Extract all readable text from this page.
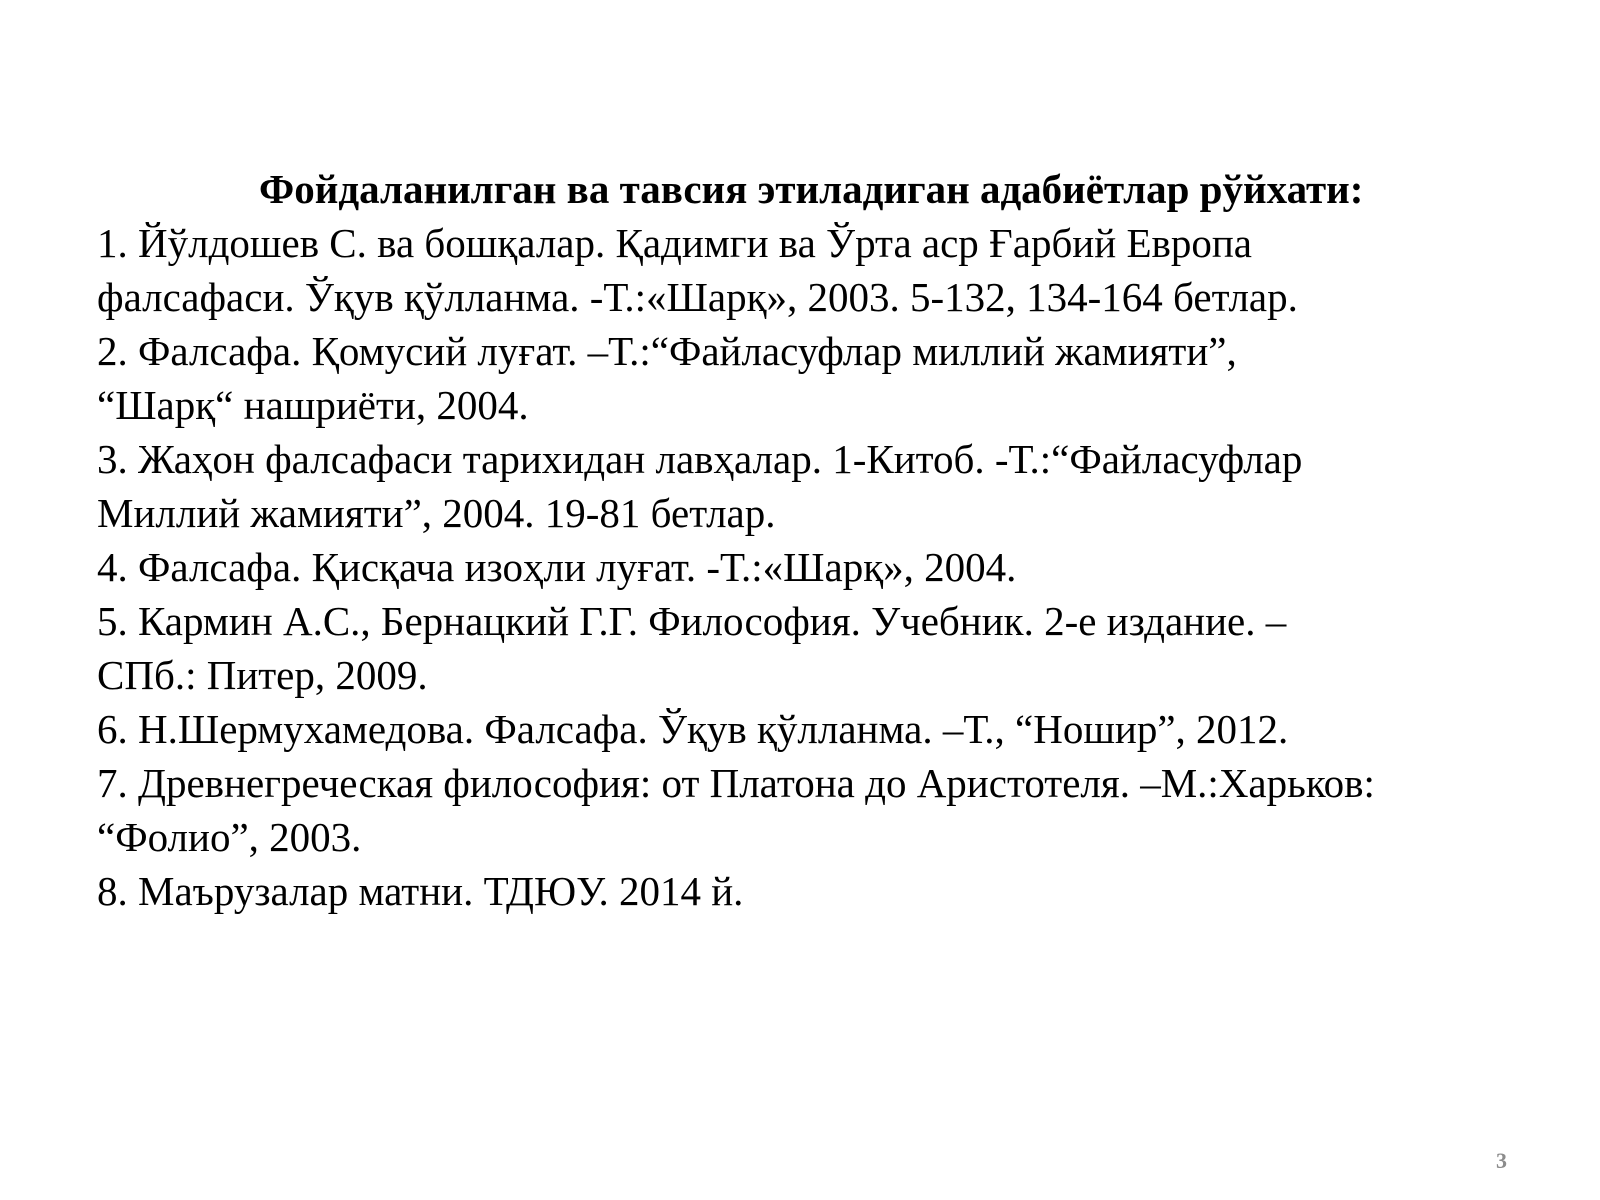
Фойдаланилган ва тавсия этиладиган адабиётлар рўйхати:
1. Йўлдошев С. ва бошқалар. Қадимги ва Ўрта аср Ғарбий Европа
фалсафаси. Ўқув қўлланма. -Т.:«Шарқ», 2003. 5-132, 134-164 бетлар.
2. Фалсафа. Қомусий луғат. –Т.:“Файласуфлар миллий жамияти”,
“Шарқ“ нашриёти, 2004.
3. Жаҳон фалсафаси тарихидан лавҳалар. 1-Китоб. -Т.:“Файласуфлар
Миллий жамияти”, 2004. 19-81 бетлар.
4. Фалсафа. Қисқача изоҳли луғат. -Т.:«Шарқ», 2004.
5. Кармин А.С., Бернацкий Г.Г. Философия. Учебник. 2-е издание. –
СПб.: Питер, 2009.
6. Н.Шермухамедова. Фалсафа. Ўқув қўлланма. –Т., “Ношир”, 2012.
7. Древнегреческая философия: от Платона до Аристотеля. –М.:Харьков:
“Фолио”, 2003.
8. Маърузалар матни. ТДЮУ. 2014 й.
3
